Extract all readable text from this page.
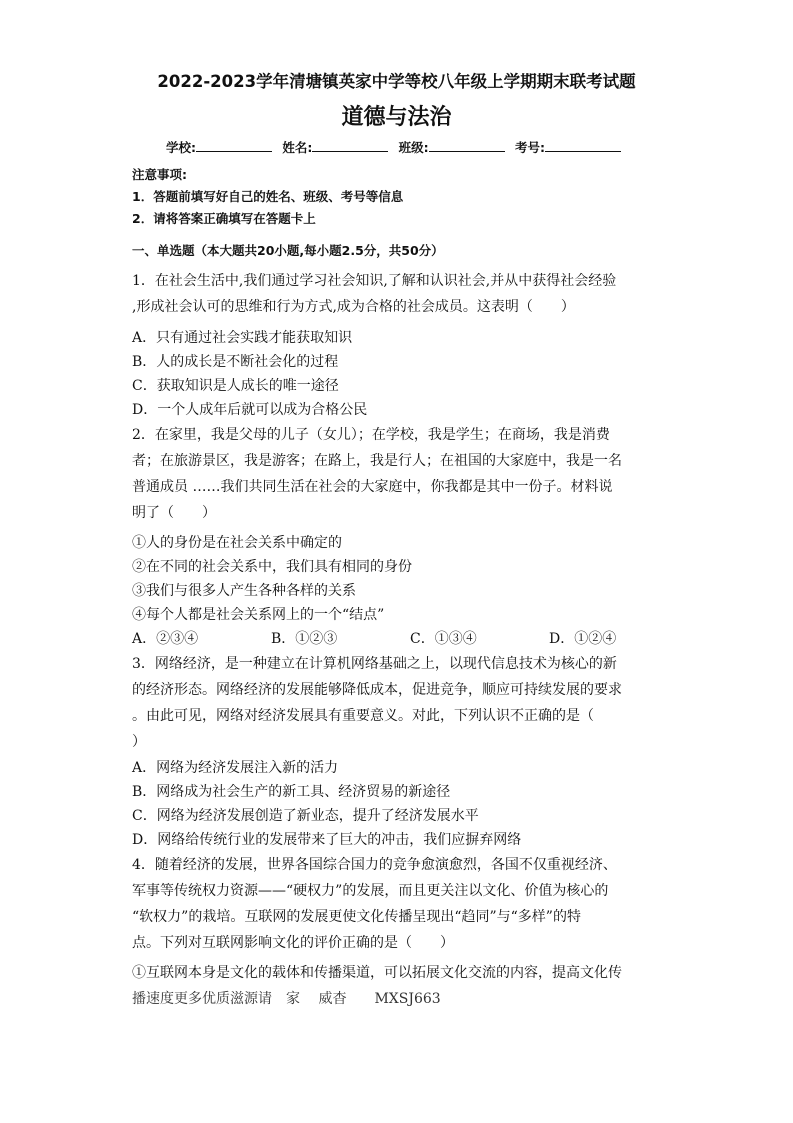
2022-2023学年清塘镇英家中学等校八年级上学期期末联考试题
道德与法治
学校:	姓名:	班级:	考号:
注意事项:
1．答题前填写好自己的姓名、班级、考号等信息
2．请将答案正确填写在答题卡上
一、单选题（本大题共20小题,每小题2.5分，共50分）
1．在社会生活中,我们通过学习社会知识,了解和认识社会,并从中获得社会经验
,形成社会认可的思维和行为方式,成为合格的社会成员。这表明（　　）
A．只有通过社会实践才能获取知识
B．人的成长是不断社会化的过程
C．获取知识是人成长的唯一途径
D．一个人成年后就可以成为合格公民
2．在家里，我是父母的儿子（女儿）；在学校，我是学生；在商场，我是消费
者；在旅游景区，我是游客；在路上，我是行人；在祖国的大家庭中，我是一名
普通成员 ……我们共同生活在社会的大家庭中，你我都是其中一份子。材料说
明了（　　）
①人的身份是在社会关系中确定的
②在不同的社会关系中，我们具有相同的身份
③我们与很多人产生各种各样的关系
④每个人都是社会关系网上的一个“结点”
A．②③④	B．①②③	C．①③④	D．①②④
3．网络经济，是一种建立在计算机网络基础之上，以现代信息技术为核心的新
的经济形态。网络经济的发展能够降低成本，促进竞争，顺应可持续发展的要求
。由此可见，网络对经济发展具有重要意义。对此，下列认识不正确的是（
）
A．网络为经济发展注入新的活力
B．网络成为社会生产的新工具、经济贸易的新途径
C．网络为经济发展创造了新业态，提升了经济发展水平
D．网络给传统行业的发展带来了巨大的冲击，我们应摒弃网络
4．随着经济的发展，世界各国综合国力的竞争愈演愈烈，各国不仅重视经济、
军事等传统权力资源——“硬权力”的发展，而且更关注以文化、价值为核心的
“软权力”的栽培。互联网的发展更使文化传播呈现出“趋同”与“多样”的特
点。下列对互联网影响文化的评价正确的是（　　）
①互联网本身是文化的载体和传播渠道，可以拓展文化交流的内容，提高文化传
播速度更多优质滋源请　家　 威杳　　MXSJ663
